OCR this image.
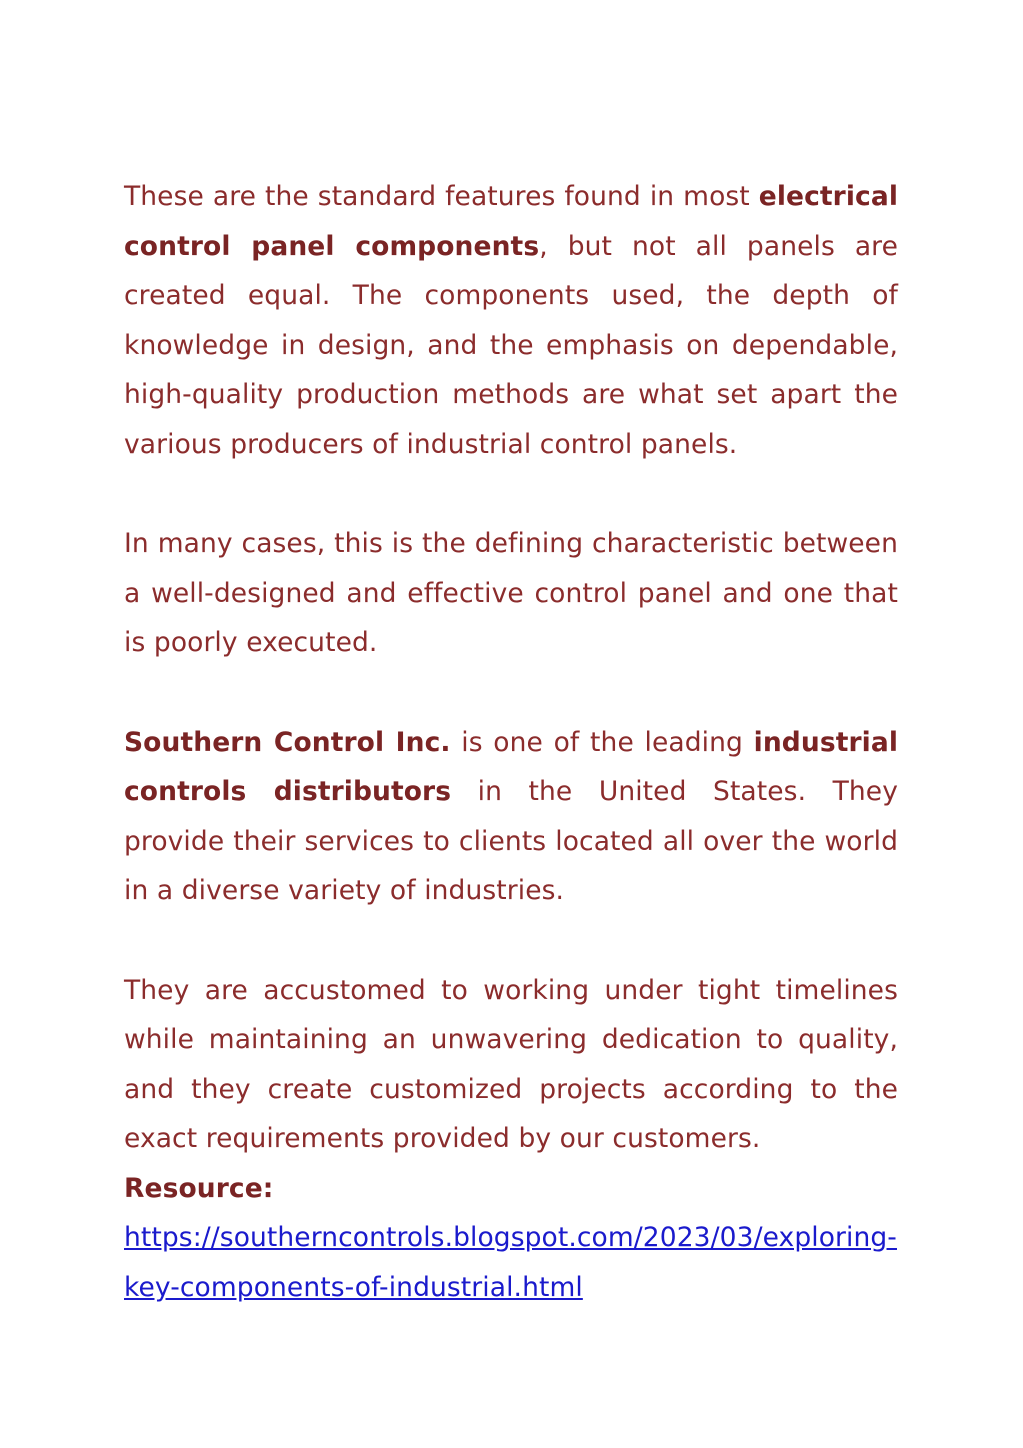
These are the standard features found in most electrical control panel components, but not all panels are created equal. The components used, the depth of knowledge in design, and the emphasis on dependable, high-quality production methods are what set apart the various producers of industrial control panels.

In many cases, this is the defining characteristic between a well-designed and effective control panel and one that is poorly executed.

Southern Control Inc. is one of the leading industrial controls distributors in the United States. They provide their services to clients located all over the world in a diverse variety of industries.

They are accustomed to working under tight timelines while maintaining an unwavering dedication to quality, and they create customized projects according to the exact requirements provided by our customers.

Resource:

https://southerncontrols.blogspot.com/2023/03/exploring-key-components-of-industrial.html
